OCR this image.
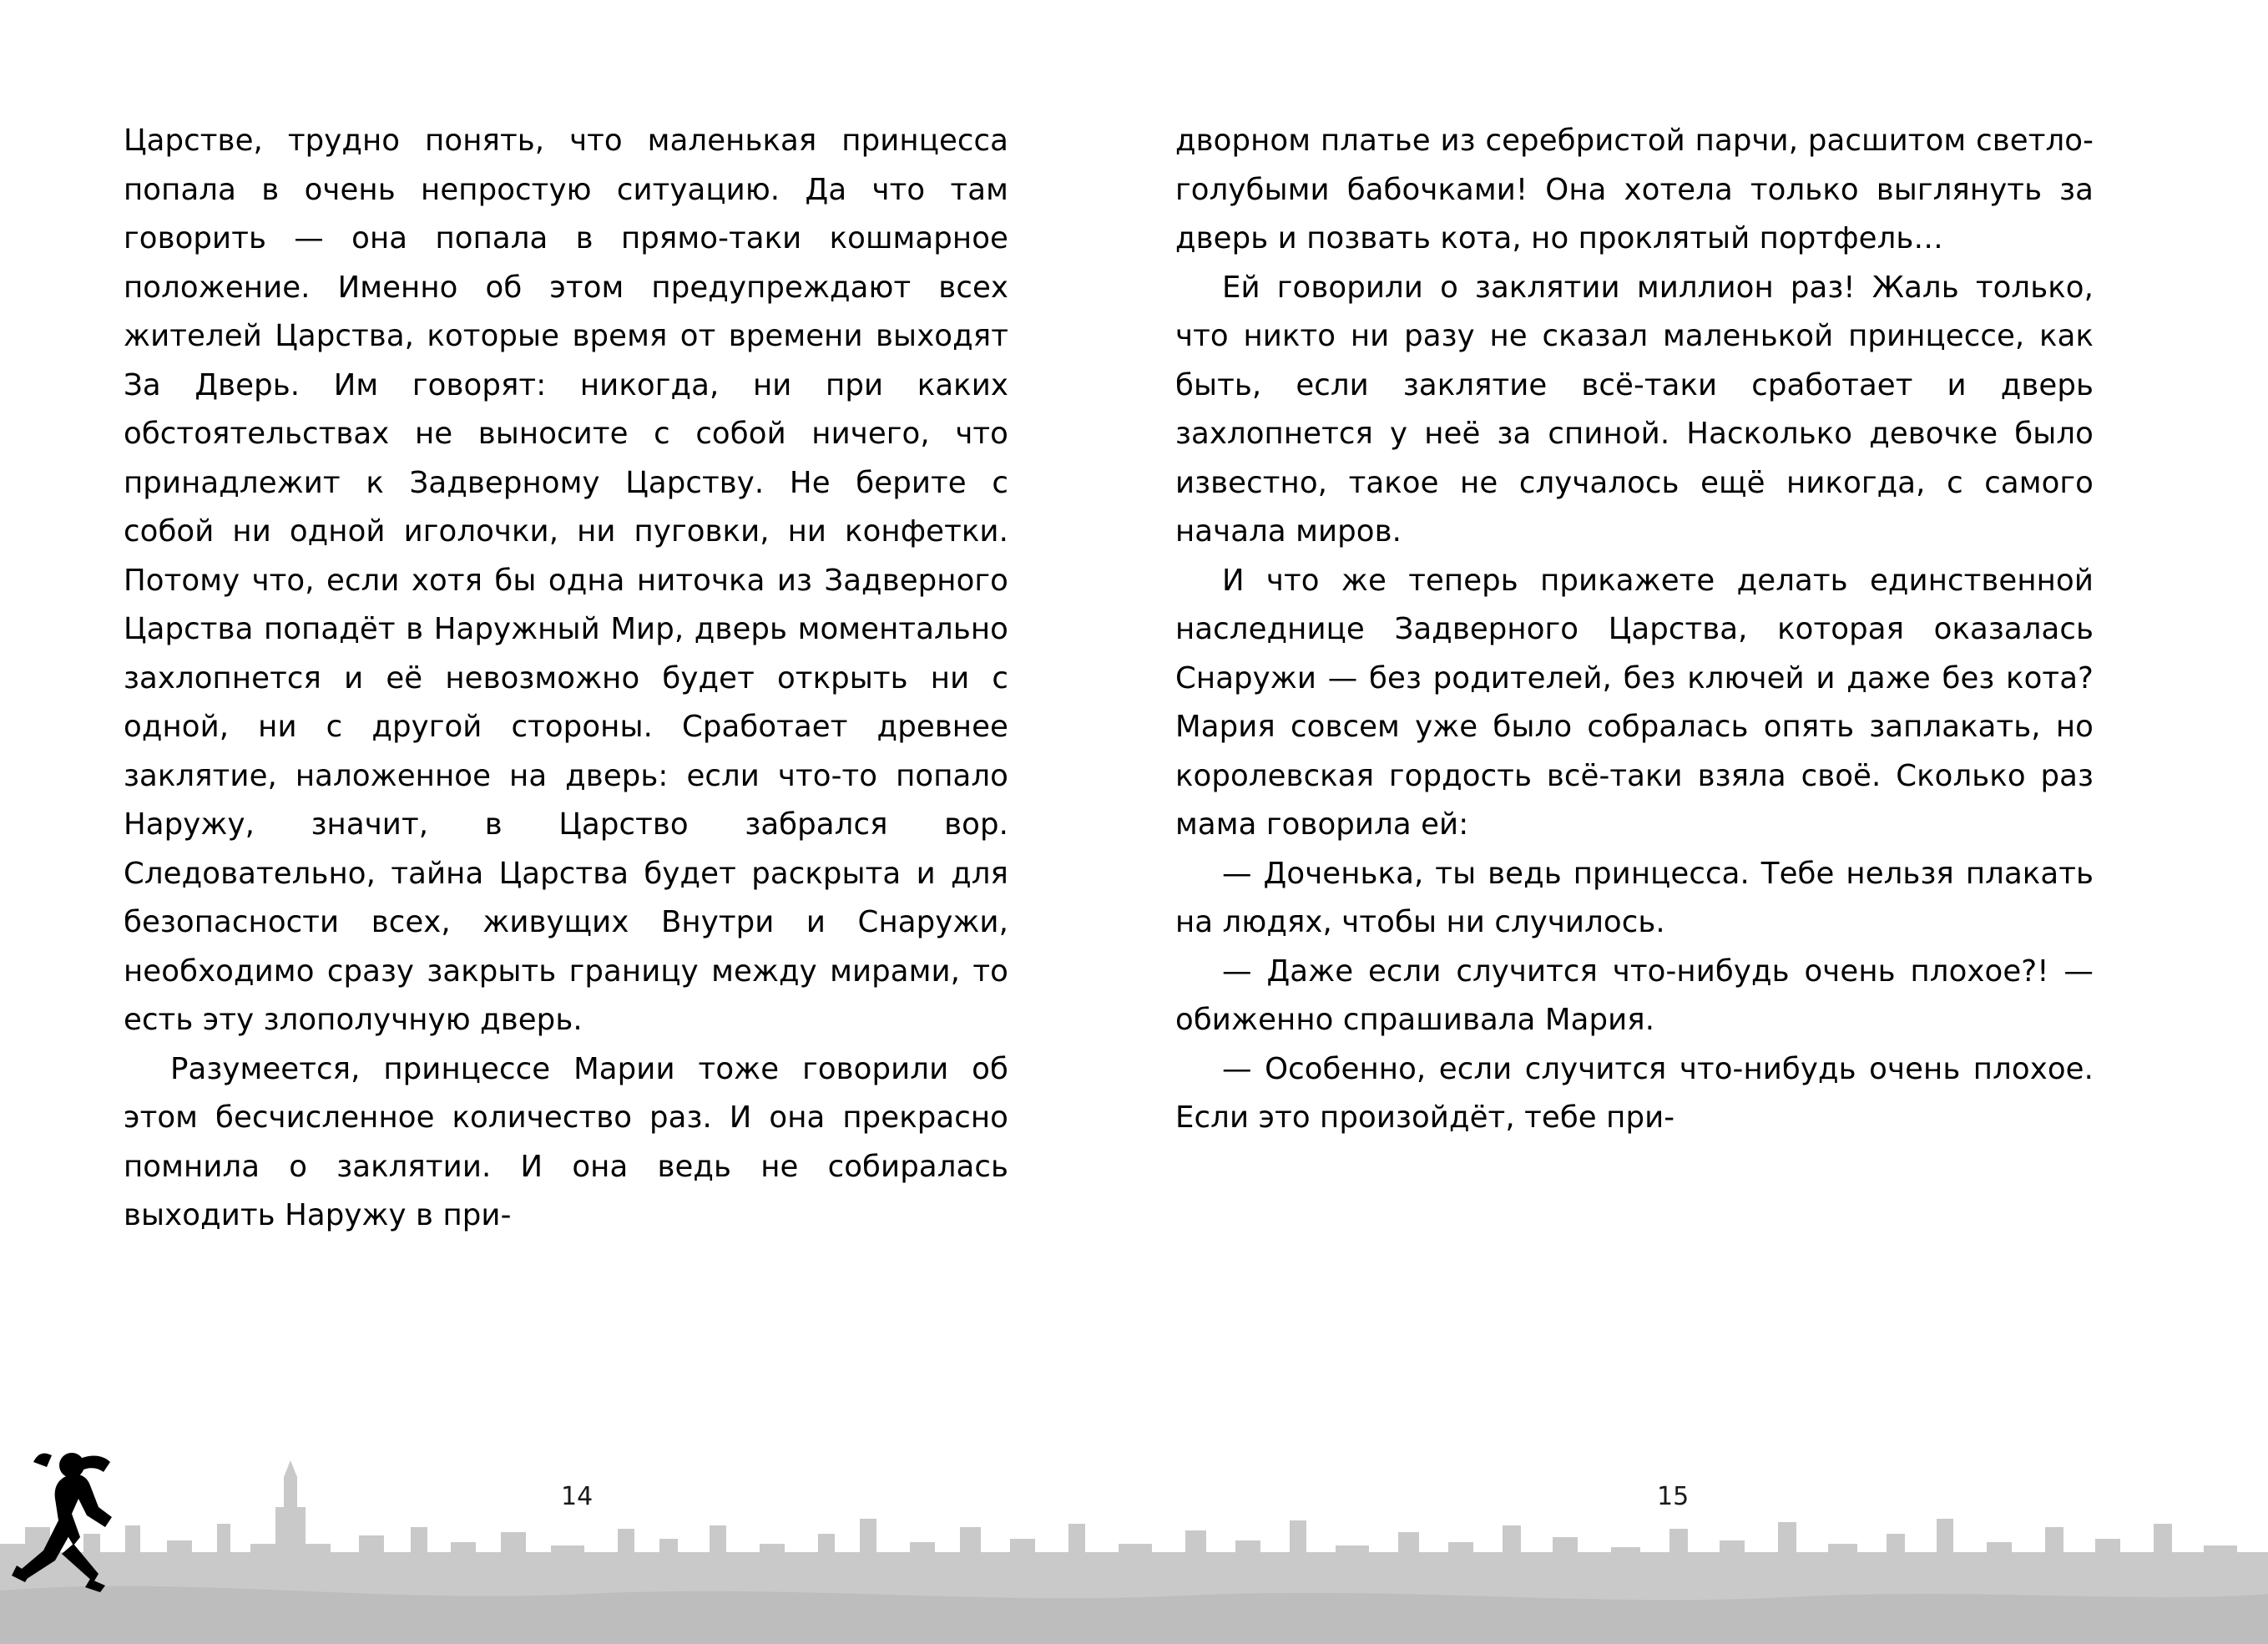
Царстве, трудно понять, что маленькая принцесса попала в очень непростую ситуацию. Да что там говорить — она попала в прямо-таки кошмарное положение. Именно об этом предупреждают всех жителей Царства, которые время от времени выходят За Дверь. Им говорят: никогда, ни при каких обстоятельствах не выносите с собой ничего, что принадлежит к Задверному Царству. Не берите с собой ни одной иголочки, ни пуговки, ни конфетки. Потому что, если хотя бы одна ниточка из Задверного Царства попадёт в Наружный Мир, дверь моментально захлопнется и её невозможно будет открыть ни с одной, ни с другой стороны. Сработает древнее заклятие, наложенное на дверь: если что-то попало Наружу, значит, в Царство забрался вор. Следовательно, тайна Царства будет раскрыта и для безопасности всех, живущих Внутри и Снаружи, необходимо сразу закрыть границу между мирами, то есть эту злополучную дверь.

Разумеется, принцессе Марии тоже говорили об этом бесчисленное количество раз. И она прекрасно помнила о заклятии. И она ведь не собиралась выходить Наружу в при-

дворном платье из серебристой парчи, расшитом светло-голубыми бабочками! Она хотела только выглянуть за дверь и позвать кота, но проклятый портфель…

Ей говорили о заклятии миллион раз! Жаль только, что никто ни разу не сказал маленькой принцессе, как быть, если заклятие всё-таки сработает и дверь захлопнется у неё за спиной. Насколько девочке было известно, такое не случалось ещё никогда, с самого начала миров.

И что же теперь прикажете делать единственной наследнице Задверного Царства, которая оказалась Снаружи — без родителей, без ключей и даже без кота? Мария совсем уже было собралась опять заплакать, но королевская гордость всё-таки взяла своё. Сколько раз мама говорила ей:

— Доченька, ты ведь принцесса. Тебе нельзя плакать на людях, чтобы ни случилось.

— Даже если случится что-нибудь очень плохое?! — обиженно спрашивала Мария.

— Особенно, если случится что-нибудь очень плохое. Если это произойдёт, тебе при-

14	15
